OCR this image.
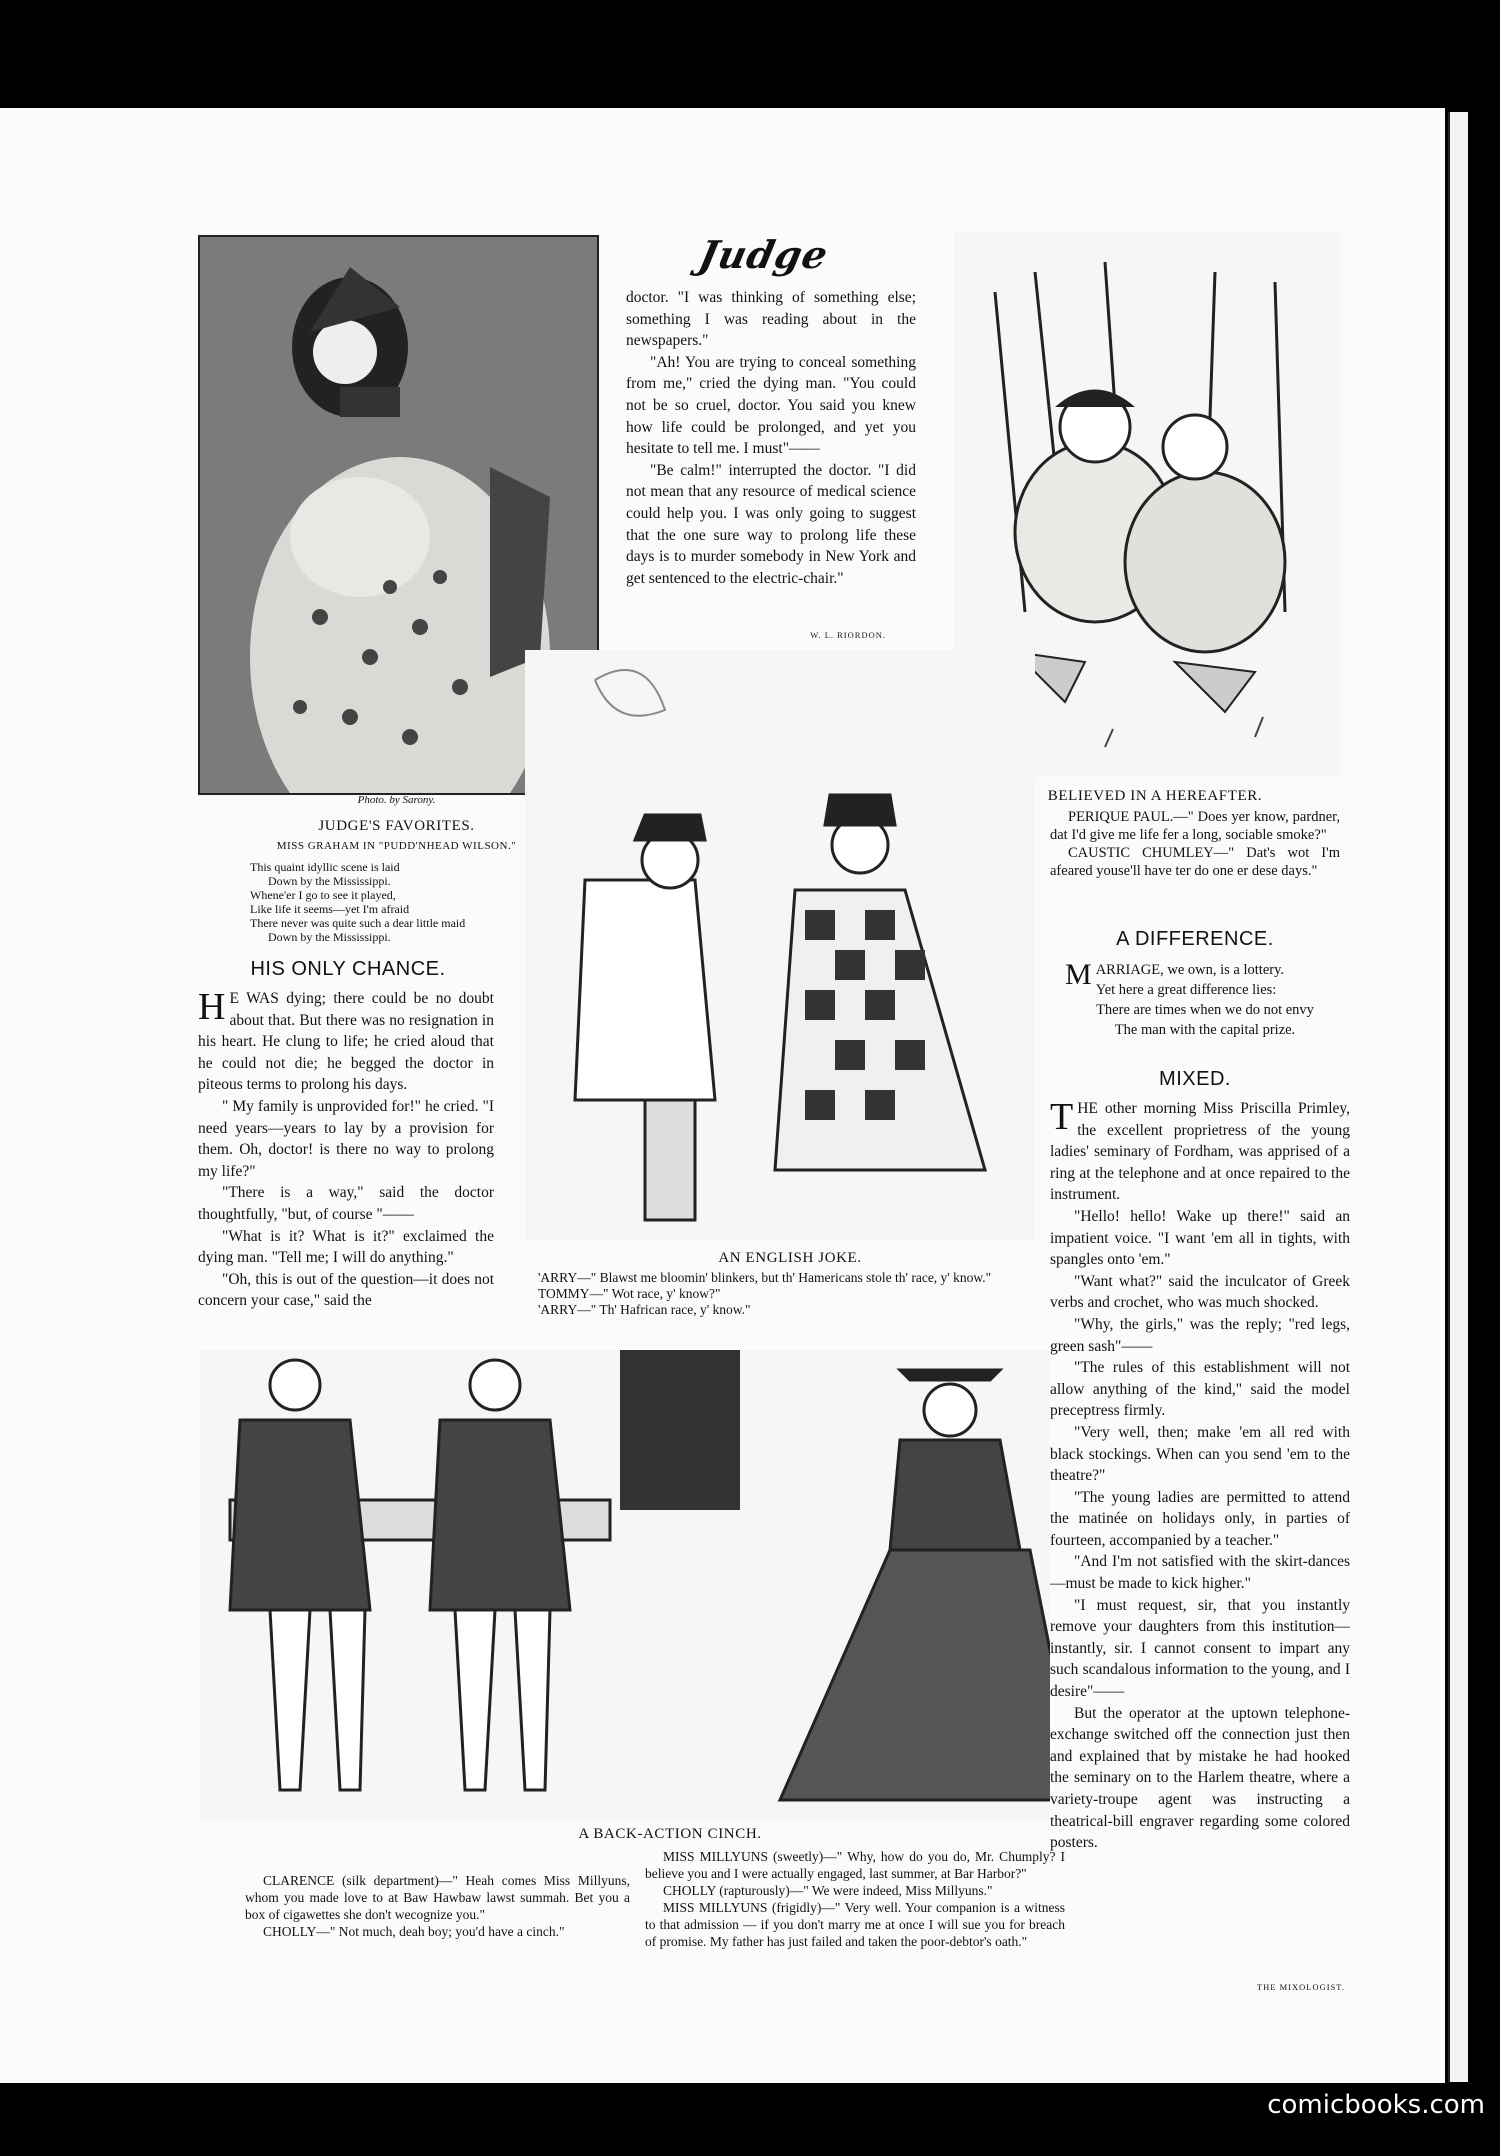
Judge
Photo. by Sarony.
JUDGE'S FAVORITES.
MISS GRAHAM IN "PUDD'NHEAD WILSON."
This quaint idyllic scene is laid
Down by the Mississippi.
Whene'er I go to see it played,
Like life it seems—yet I'm afraid
There never was quite such a dear little maid
Down by the Mississippi.
HIS ONLY CHANCE.

H E WAS dying; there could be no doubt about that. But there was no resignation in his heart. He clung to life; he cried aloud that he could not die; he begged the doctor in piteous terms to prolong his days.

" My family is unprovided for!" he cried. "I need years—years to lay by a provision for them. Oh, doctor! is there no way to prolong my life?"

"There is a way," said the doctor thoughtfully, "but, of course "——

"What is it? What is it?" exclaimed the dying man. "Tell me; I will do anything."

"Oh, this is out of the question—it does not concern your case," said the

doctor. "I was thinking of something else; something I was reading about in the newspapers."

"Ah! You are trying to conceal something from me," cried the dying man. "You could not be so cruel, doctor. You said you knew how life could be prolonged, and yet you hesitate to tell me. I must"——

"Be calm!" interrupted the doctor. "I did not mean that any resource of medical science could help you. I was only going to suggest that the one sure way to prolong life these days is to murder somebody in New York and get sentenced to the electric-chair."

W. L. RIORDON.
BELIEVED IN A HEREAFTER.

PERIQUE PAUL.—" Does yer know, pardner, dat I'd give me life fer a long, sociable smoke?"

CAUSTIC CHUMLEY—" Dat's wot I'm afeared youse'll have ter do one er dese days."

AN ENGLISH JOKE.

'ARRY—" Blawst me bloomin' blinkers, but th' Hamericans stole th' race, y' know."

TOMMY—" Wot race, y' know?"

'ARRY—" Th' Hafrican race, y' know."

A DIFFERENCE.
MARRIAGE, we own, is a lottery.
Yet here a great difference lies:
There are times when we do not envy
The man with the capital prize.
MIXED.

THE other morning Miss Priscilla Primley, the excellent proprietress of the young ladies' seminary of Fordham, was apprised of a ring at the telephone and at once repaired to the instrument.

"Hello! hello! Wake up there!" said an impatient voice. "I want 'em all in tights, with spangles onto 'em."

"Want what?" said the inculcator of Greek verbs and crochet, who was much shocked.

"Why, the girls," was the reply; "red legs, green sash"——

"The rules of this establishment will not allow anything of the kind," said the model preceptress firmly.

"Very well, then; make 'em all red with black stockings. When can you send 'em to the theatre?"

"The young ladies are permitted to attend the matinée on holidays only, in parties of fourteen, accompanied by a teacher."

"And I'm not satisfied with the skirt-dances—must be made to kick higher."

"I must request, sir, that you instantly remove your daughters from this institution—instantly, sir. I cannot consent to impart any such scandalous information to the young, and I desire"——

But the operator at the uptown telephone-exchange switched off the connection just then and explained that by mistake he had hooked the seminary on to the Harlem theatre, where a variety-troupe agent was instructing a theatrical-bill engraver regarding some colored posters.

THE MIXOLOGIST.
A BACK-ACTION CINCH.

CLARENCE (silk department)—" Heah comes Miss Millyuns, whom you made love to at Baw Hawbaw lawst summah. Bet you a box of cigawettes she don't wecognize you."

CHOLLY—" Not much, deah boy; you'd have a cinch."

MISS MILLYUNS (sweetly)—" Why, how do you do, Mr. Chumply? I believe you and I were actually engaged, last summer, at Bar Harbor?"

CHOLLY (rapturously)—" We were indeed, Miss Millyuns."

MISS MILLYUNS (frigidly)—" Very well. Your companion is a witness to that admission — if you don't marry me at once I will sue you for breach of promise. My father has just failed and taken the poor-debtor's oath."

comicbooks.com
